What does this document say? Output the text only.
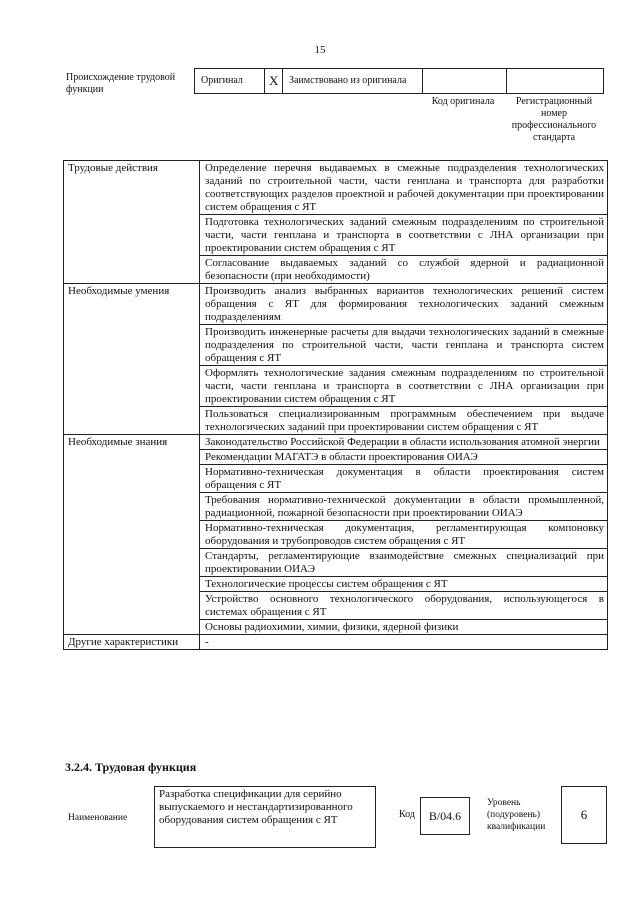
15
Происхождение трудовой функции
Оригинал	X	Заимствовано из оригинала
Код оригинала	Регистрационный номер профессионального стандарта
Трудовые действия	Определение перечня выдаваемых в смежные подразделения технологических заданий по строительной части, части генплана и транспорта для разработки соответствующих разделов проектной и рабочей документации при проектировании систем обращения с ЯТ
	Подготовка технологических заданий смежным подразделениям по строительной части, части генплана и транспорта в соответствии с ЛНА организации при проектировании систем обращения с ЯТ
	Согласование выдаваемых заданий со службой ядерной и радиационной безопасности (при необходимости)
Необходимые умения	Производить анализ выбранных вариантов технологических решений систем обращения с ЯТ для формирования технологических заданий смежным подразделениям
	Производить инженерные расчеты для выдачи технологических заданий в смежные подразделения по строительной части, части генплана и транспорта систем обращения с ЯТ
	Оформлять технологические задания смежным подразделениям по строительной части, части генплана и транспорта в соответствии с ЛНА организации при проектировании систем обращения с ЯТ
	Пользоваться специализированным программным обеспечением при выдаче технологических заданий при проектировании систем обращения с ЯТ
Необходимые знания	Законодательство Российской Федерации в области использования атомной энергии
	Рекомендации МАГАТЭ в области проектирования ОИАЭ
	Нормативно-техническая документация в области проектирования систем обращения с ЯТ
	Требования нормативно-технической документации в области промышленной, радиационной, пожарной безопасности при проектировании ОИАЭ
	Нормативно-техническая документация, регламентирующая компоновку оборудования и трубопроводов систем обращения с ЯТ
	Стандарты, регламентирующие взаимодействие смежных специализаций при проектировании ОИАЭ
	Технологические процессы систем обращения с ЯТ
	Устройство основного технологического оборудования, использующегося в системах обращения с ЯТ
	Основы радиохимии, химии, физики, ядерной физики
Другие характеристики	-
3.2.4. Трудовая функция
Наименование
Разработка спецификации для серийно выпускаемого и нестандартизированного оборудования систем обращения с ЯТ	Код	В/04.6
Уровень (подуровень) квалификации
6
